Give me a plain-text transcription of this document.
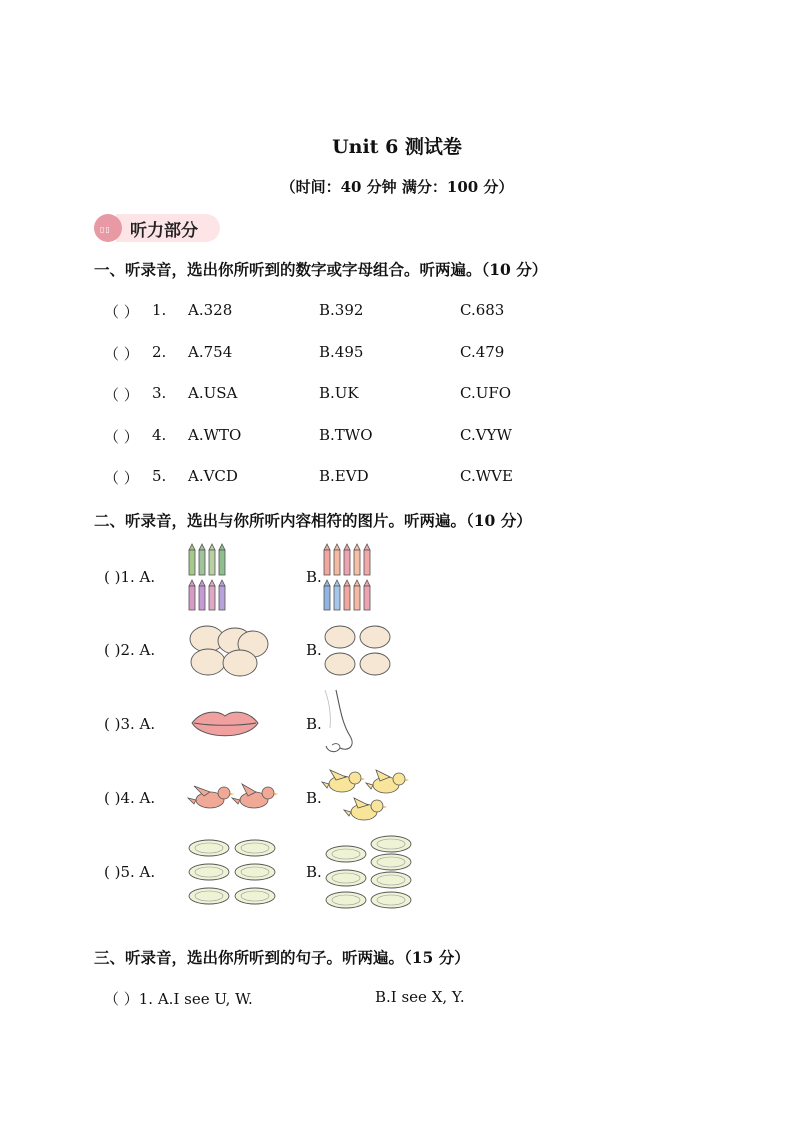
Unit 6 测试卷
（时间：40 分钟 满分：100 分）
▯▯ 听力部分
一、听录音，选出你所听到的数字或字母组合。听两遍。（10 分）
（ ） 1. A.328	B.392	C.683
（ ） 2. A.754	B.495	C.479
（ ） 3. A.USA	B.UK	C.UFO
（ ） 4. A.WTO	B.TWO	C.VYW
（ ） 5. A.VCD	B.EVD	C.WVE
二、听录音，选出与你所听内容相符的图片。听两遍。（10 分）
( )1. A.	B.
( )2. A.	B.
( )3. A.	B.
( )4. A.	B.
( )5. A.	B.
三、听录音，选出你所听到的句子。听两遍。（15 分）
（ ）1. A.I see U, W.	B.I see X, Y.
